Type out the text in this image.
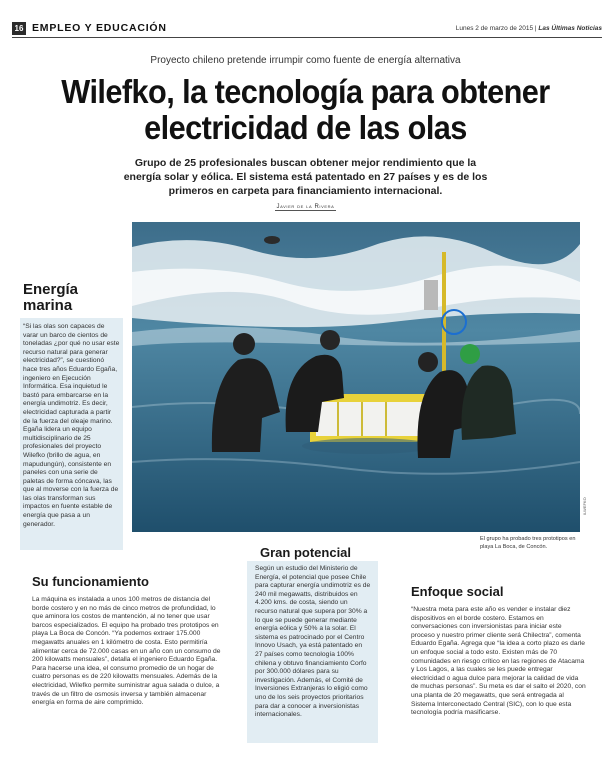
16 EMPLEO Y EDUCACIÓN	Lunes 2 de marzo de 2015 | Las Últimas Noticias
Proyecto chileno pretende irrumpir como fuente de energía alternativa
Wilefko, la tecnología para obtener electricidad de las olas

Grupo de 25 profesionales buscan obtener mejor rendimiento que la energía solar y eólica. El sistema está patentado en 27 países y es de los primeros en carpeta para financiamiento internacional.

Javier de la Rivera
ILWEFKO

El grupo ha probado tres prototipos en playa La Boca, de Concón.

Energía marina

“Si las olas son capaces de varar un barco de cientos de toneladas ¿por qué no usar este recurso natural para generar electricidad?”, se cuestionó hace tres años Eduardo Egaña, ingeniero en Ejecución Informática. Esa inquietud le bastó para embarcarse en la energía undimotriz. Es decir, electricidad capturada a partir de la fuerza del oleaje marino. Egaña lidera un equipo multidisciplinario de 25 profesionales del proyecto Wilefko (brillo de agua, en mapudungún), consistente en paneles con una serie de paletas de forma cóncava, las que al moverse con la fuerza de las olas transforman sus impactos en fuente estable de energía que pasa a un generador.

Su funcionamiento

La máquina es instalada a unos 100 metros de distancia del borde costero y en no más de cinco metros de profundidad, lo que aminora los costos de mantención, al no tener que usar barcos especializados. El equipo ha probado tres prototipos en playa La Boca de Concón. “Ya podemos extraer 175.000 megawatts anuales en 1 kilómetro de costa. Esto permitiría alimentar cerca de 72.000 casas en un año con un consumo de 200 kilowatts mensuales”, detalla el ingeniero Eduardo Egaña. Para hacerse una idea, el consumo promedio de un hogar de cuatro personas es de 220 kilowatts mensuales. Además de la electricidad, Wilefko permite suministrar agua salada o dulce, a través de un filtro de osmosis inversa y también almacenar energía en forma de aire comprimido.

Gran potencial

Según un estudio del Ministerio de Energía, el potencial que posee Chile para capturar energía undimotriz es de 240 mil megawatts, distribuidos en 4.200 kms. de costa, siendo un recurso natural que supera por 30% a lo que se puede generar mediante energía eólica y 50% a la solar. El sistema es patrocinado por el Centro Innovo Usach, ya está patentado en 27 países como tecnología 100% chilena y obtuvo financiamiento Corfo por 300.000 dólares para su investigación. Además, el Comité de Inversiones Extranjeras lo eligió como uno de los seis proyectos prioritarios para dar a conocer a inversionistas internacionales.

Enfoque social

“Nuestra meta para este año es vender e instalar diez dispositivos en el borde costero. Estamos en conversaciones con inversionistas para iniciar este proceso y nuestro primer cliente será Chilectra”, comenta Eduardo Egaña. Agrega que “la idea a corto plazo es darle un enfoque social a todo esto. Existen más de 70 comunidades en riesgo crítico en las regiones de Atacama y Los Lagos, a las cuales se les puede entregar electricidad o agua dulce para mejorar la calidad de vida de muchas personas”. Su meta es dar el salto el 2020, con una planta de 20 megawatts, que será entregada al Sistema Interconectado Central (SIC), con lo que esta tecnología podría masificarse.
